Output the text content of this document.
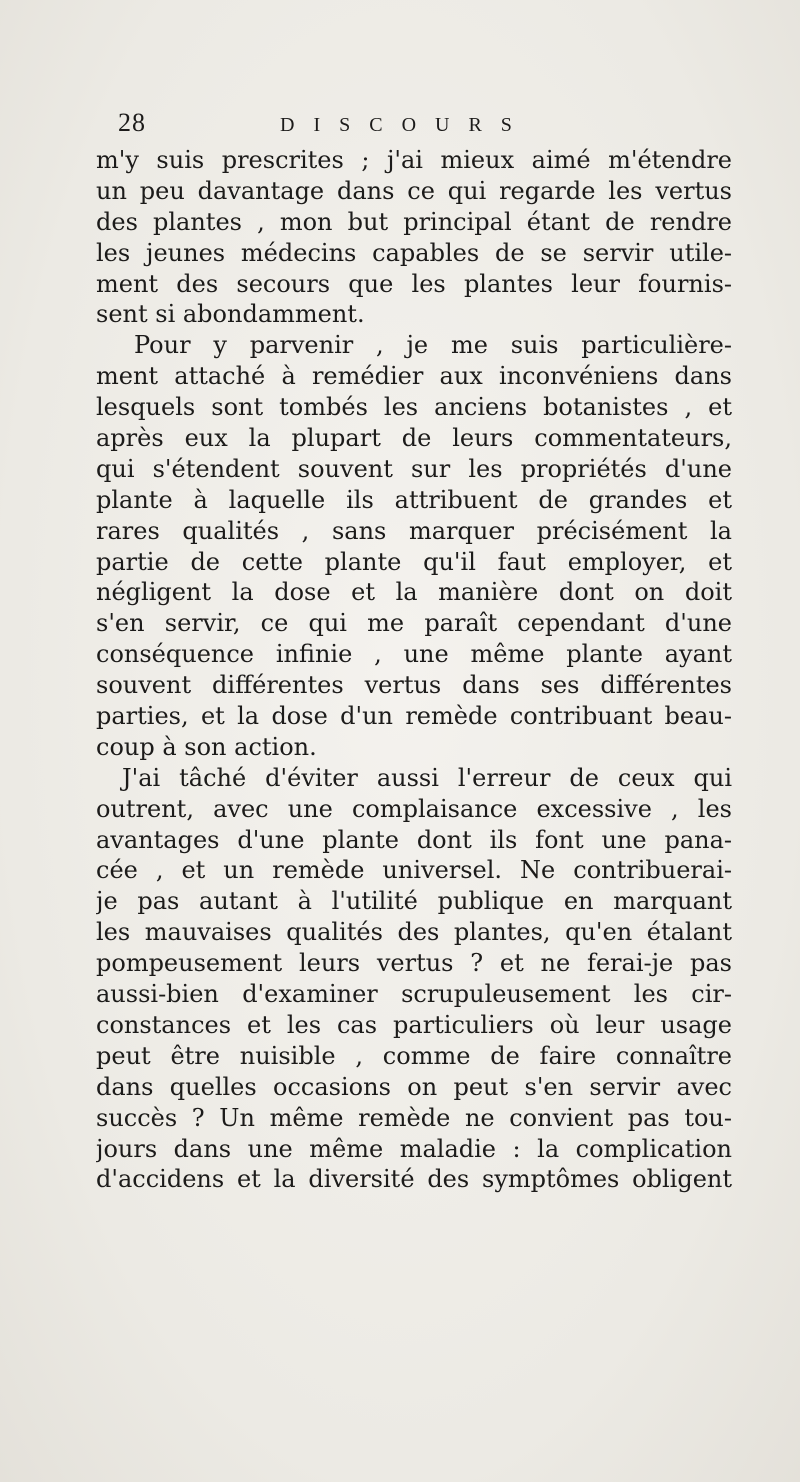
28	DISCOURS
m'y suis prescrites ; j'ai mieux aimé m'étendre
un peu davantage dans ce qui regarde les vertus
des plantes , mon but principal étant de rendre
les jeunes médecins capables de se servir utile-
ment des secours que les plantes leur fournis-
sent si abondamment.
Pour y parvenir , je me suis particulière-
ment attaché à remédier aux inconvéniens dans
lesquels sont tombés les anciens botanistes , et
après eux la plupart de leurs commentateurs,
qui s'étendent souvent sur les propriétés d'une
plante à laquelle ils attribuent de grandes et
rares qualités , sans marquer précisément la
partie de cette plante qu'il faut employer, et
négligent la dose et la manière dont on doit
s'en servir, ce qui me paraît cependant d'une
conséquence infinie , une même plante ayant
souvent différentes vertus dans ses différentes
parties, et la dose d'un remède contribuant beau-
coup à son action.
J'ai tâché d'éviter aussi l'erreur de ceux qui
outrent, avec une complaisance excessive , les
avantages d'une plante dont ils font une pana-
cée , et un remède universel. Ne contribuerai-
je pas autant à l'utilité publique en marquant
les mauvaises qualités des plantes, qu'en étalant
pompeusement leurs vertus ? et ne ferai-je pas
aussi-bien d'examiner scrupuleusement les cir-
constances et les cas particuliers où leur usage
peut être nuisible , comme de faire connaître
dans quelles occasions on peut s'en servir avec
succès ? Un même remède ne convient pas tou-
jours dans une même maladie : la complication
d'accidens et la diversité des symptômes obligent
